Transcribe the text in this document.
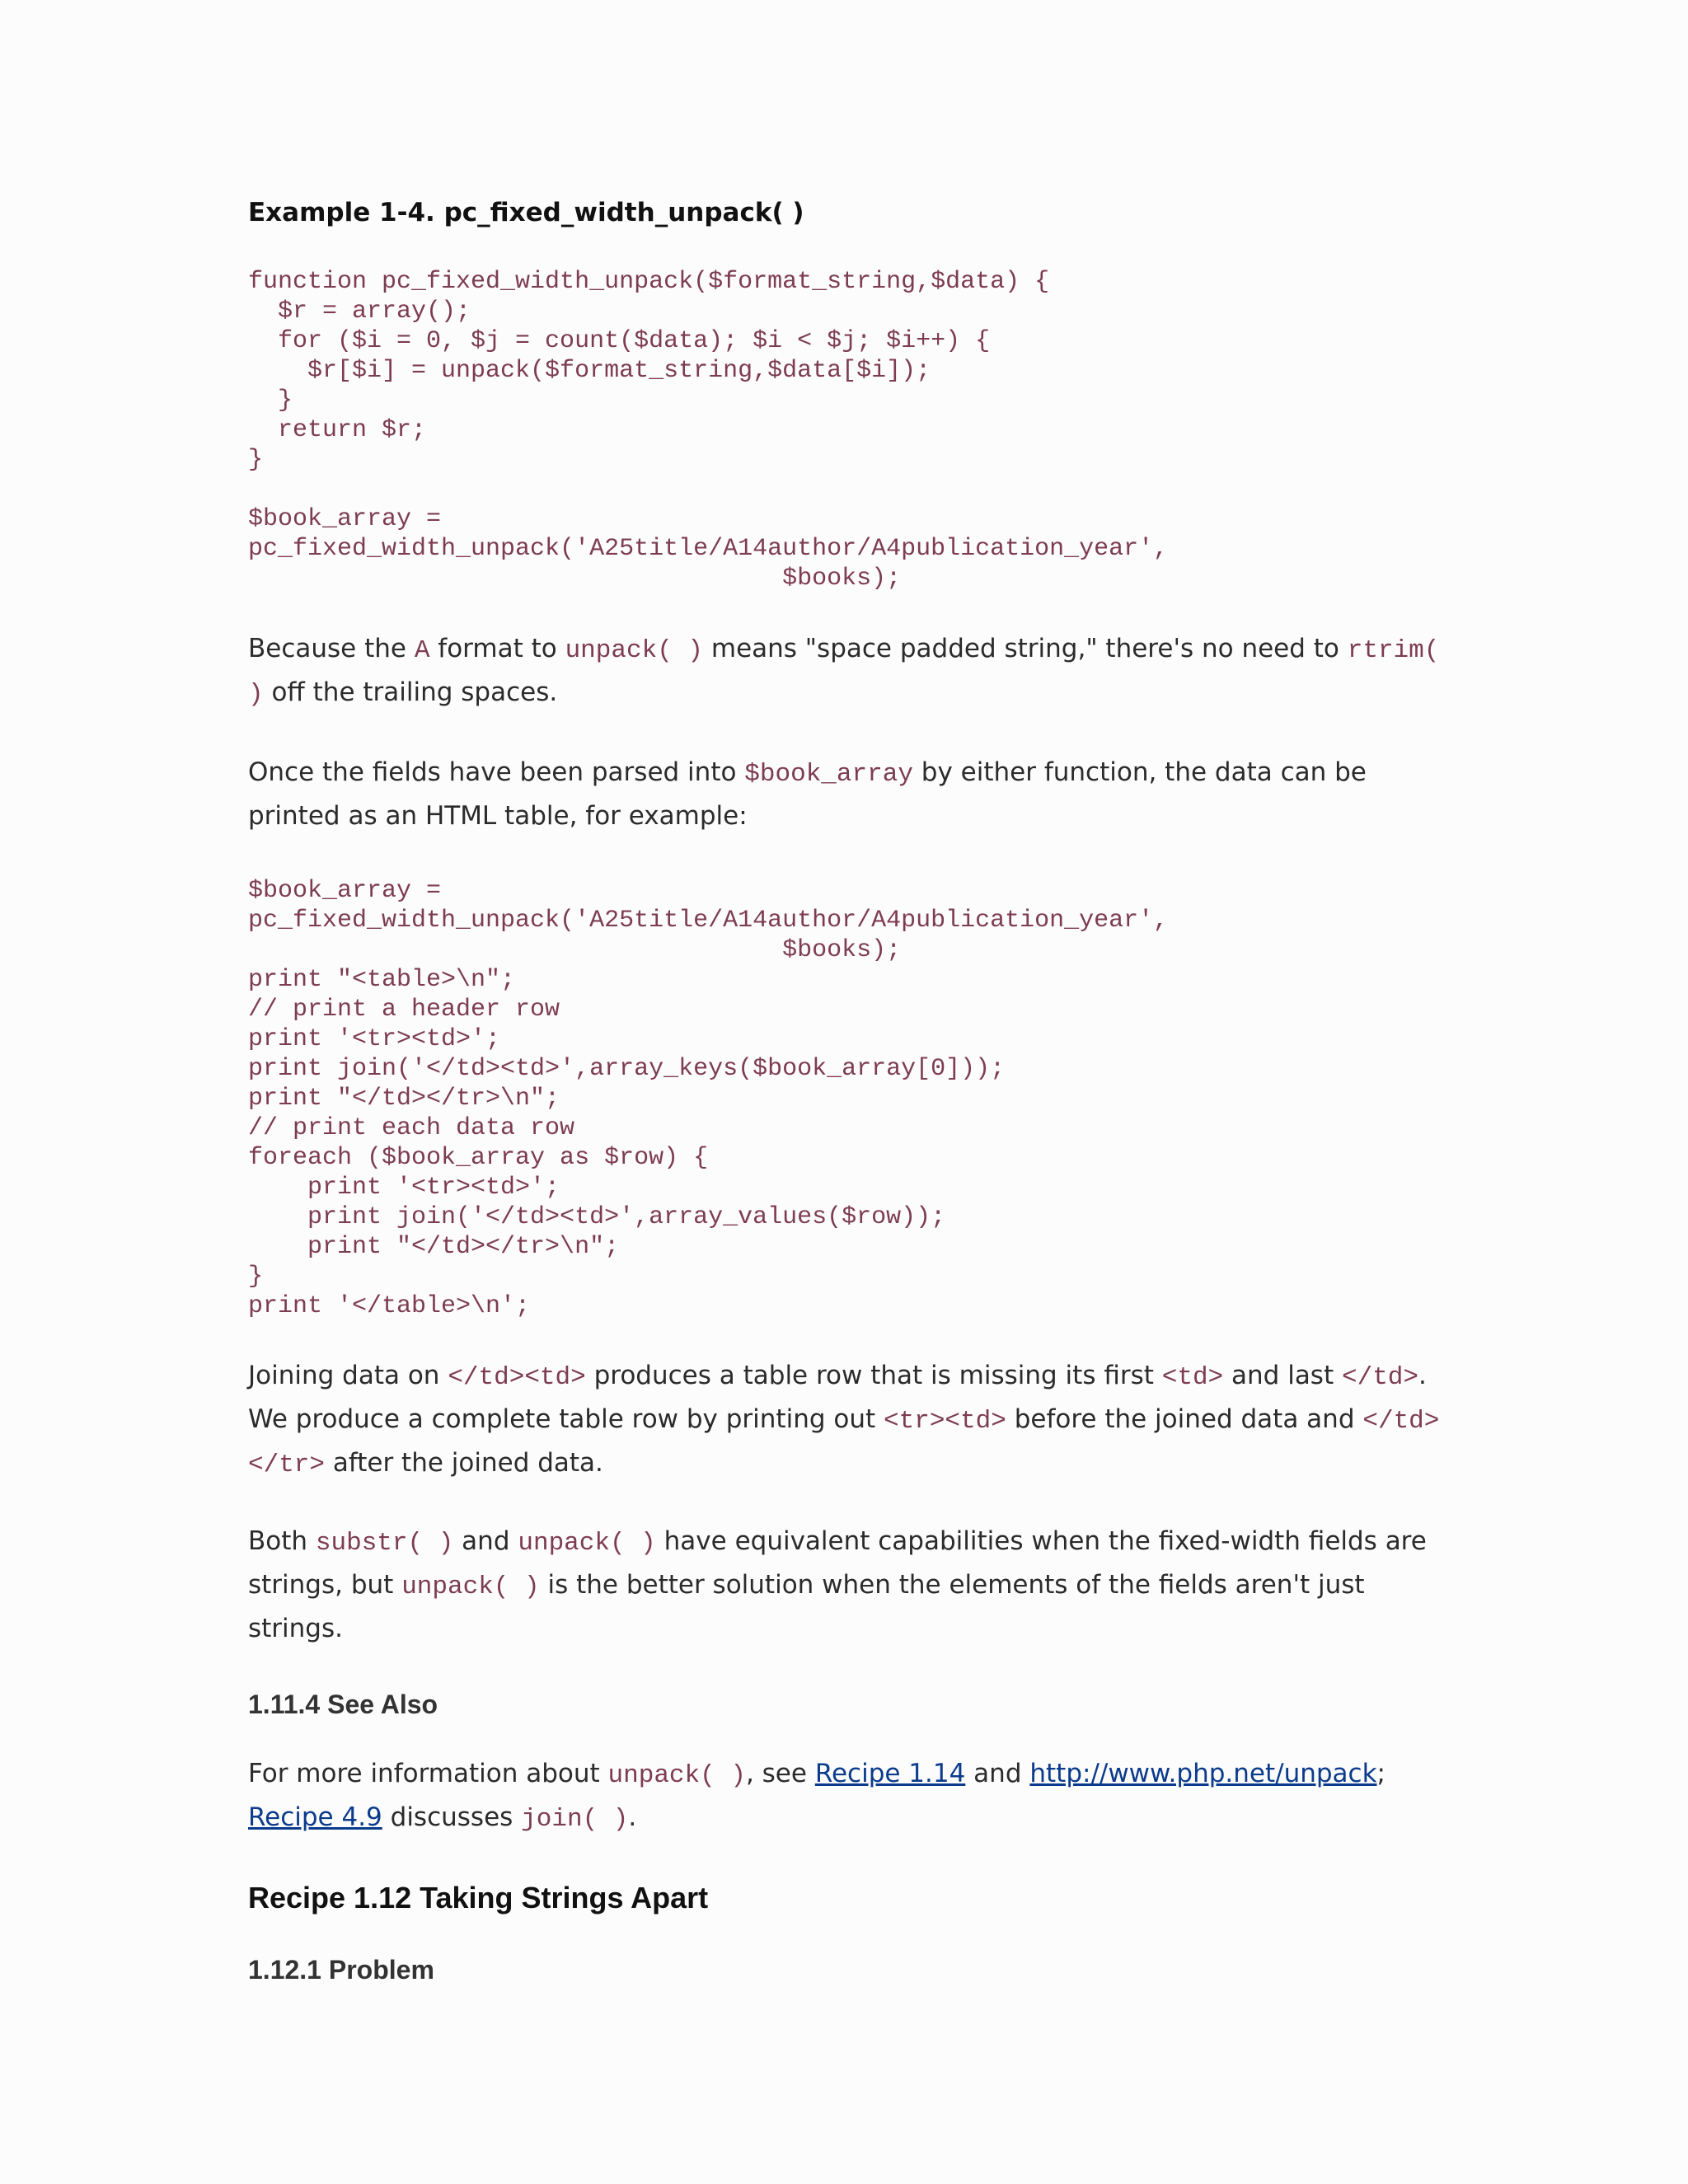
Example 1-4. pc_fixed_width_unpack( )
function pc_fixed_width_unpack($format_string,$data) {
$r = array();
for ($i = 0, $j = count($data); $i < $j; $i++) {
$r[$i] = unpack($format_string,$data[$i]);
}
return $r;
}

$book_array =
pc_fixed_width_unpack('A25title/A14author/A4publication_year',
$books);

Because the A format to unpack( ) means "space padded string," there's no need to rtrim( ) off the trailing spaces.

Once the fields have been parsed into $book_array by either function, the data can be printed as an HTML table, for example:

$book_array =
pc_fixed_width_unpack('A25title/A14author/A4publication_year',
$books);
print "<table>\n";
// print a header row
print '<tr><td>';
print join('</td><td>',array_keys($book_array[0]));
print "</td></tr>\n";
// print each data row
foreach ($book_array as $row) {
print '<tr><td>';
print join('</td><td>',array_values($row));
print "</td></tr>\n";
}
print '</table>\n';

Joining data on </td><td> produces a table row that is missing its first <td> and last </td>. We produce a complete table row by printing out <tr><td> before the joined data and </td></tr> after the joined data.

Both substr( ) and unpack( ) have equivalent capabilities when the fixed-width fields are strings, but unpack( ) is the better solution when the elements of the fields aren't just strings.

1.11.4 See Also

For more information about unpack( ), see Recipe 1.14 and http://www.php.net/unpack; Recipe 4.9 discusses join( ).

Recipe 1.12 Taking Strings Apart
1.12.1 Problem
